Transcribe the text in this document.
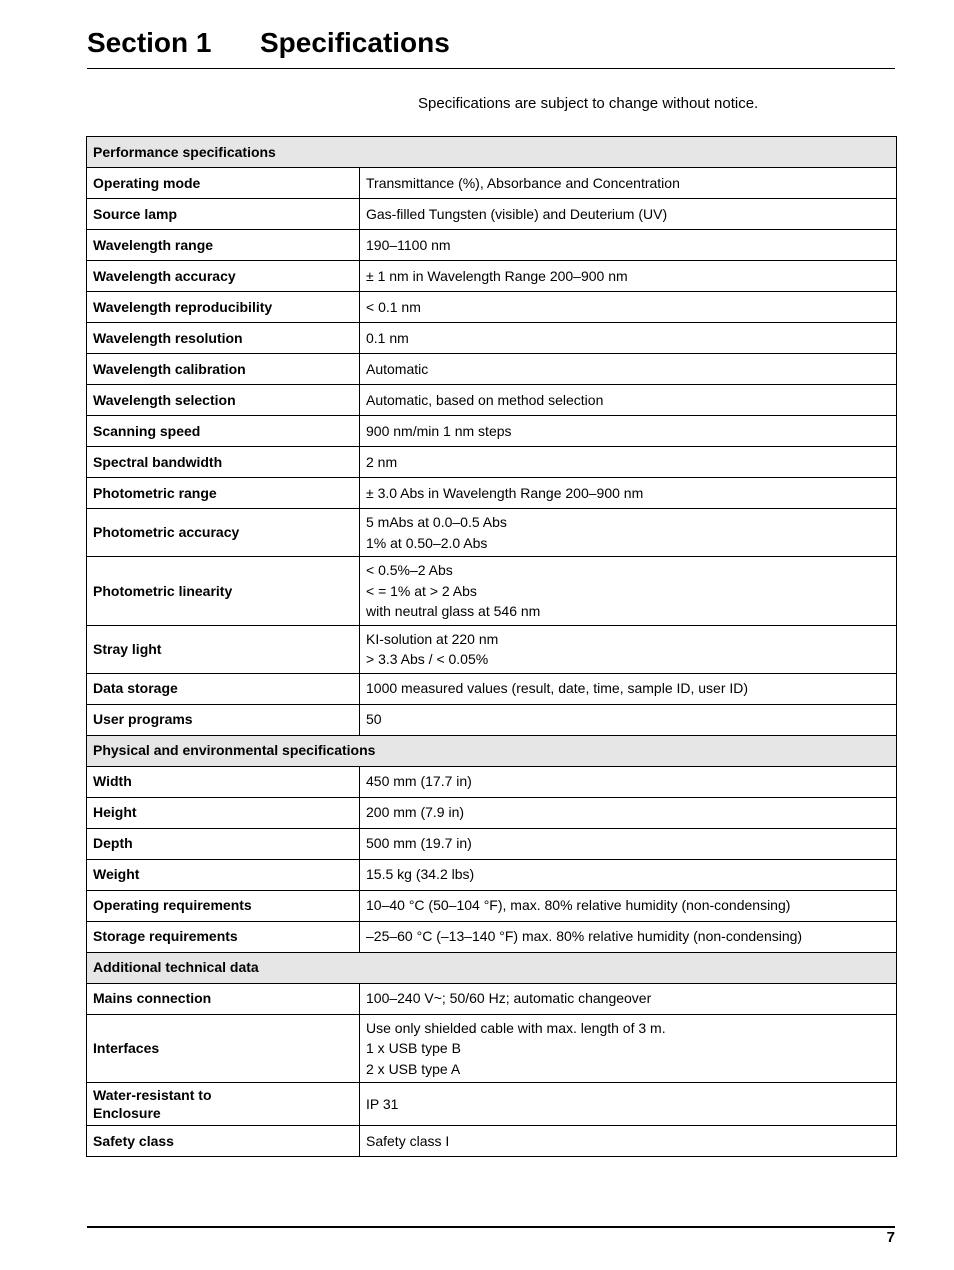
Section 1 Specifications
Specifications are subject to change without notice.
Performance specifications	

Operating mode	Transmittance (%), Absorbance and Concentration

Source lamp	Gas-filled Tungsten (visible) and Deuterium (UV)

Wavelength range	190–1100 nm

Wavelength accuracy	± 1 nm in Wavelength Range 200–900 nm

Wavelength reproducibility	< 0.1 nm

Wavelength resolution	0.1 nm

Wavelength calibration	Automatic

Wavelength selection	Automatic, based on method selection

Scanning speed	900 nm/min 1 nm steps

Spectral bandwidth	2 nm

Photometric range	± 3.0 Abs in Wavelength Range 200–900 nm

Photometric accuracy	5 mAbs at 0.0–0.5 Abs
1% at 0.50–2.0 Abs

Photometric linearity	< 0.5%–2 Abs
< = 1% at > 2 Abs
with neutral glass at 546 nm

Stray light	KI-solution at 220 nm
> 3.3 Abs / < 0.05%

Data storage	1000 measured values (result, date, time, sample ID, user ID)

User programs	50

Physical and environmental specifications	

Width	450 mm (17.7 in)

Height	200 mm (7.9 in)

Depth	500 mm (19.7 in)

Weight	15.5 kg (34.2 lbs)

Operating requirements	10–40 °C (50–104 °F), max. 80% relative humidity (non-condensing)

Storage requirements	–25–60 °C (–13–140 °F) max. 80% relative humidity (non-condensing)

Additional technical data	

Mains connection	100–240 V~; 50/60 Hz; automatic changeover

Interfaces	Use only shielded cable with max. length of 3 m.
1 x USB type B
2 x USB type A

Water-resistant to
Enclosure	IP 31

Safety class	Safety class I
7
